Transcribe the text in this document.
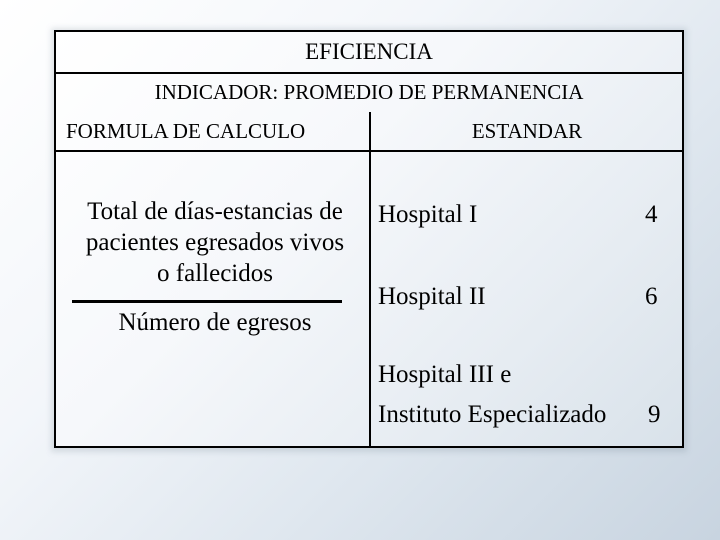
EFICIENCIA
INDICADOR: PROMEDIO DE PERMANENCIA
FORMULA DE CALCULO	ESTANDAR
Total de días-estancias de
pacientes egresados vivos
o fallecidos
Número de egresos
Hospital I	4
Hospital II	6
Hospital III e
Instituto Especializado 9
